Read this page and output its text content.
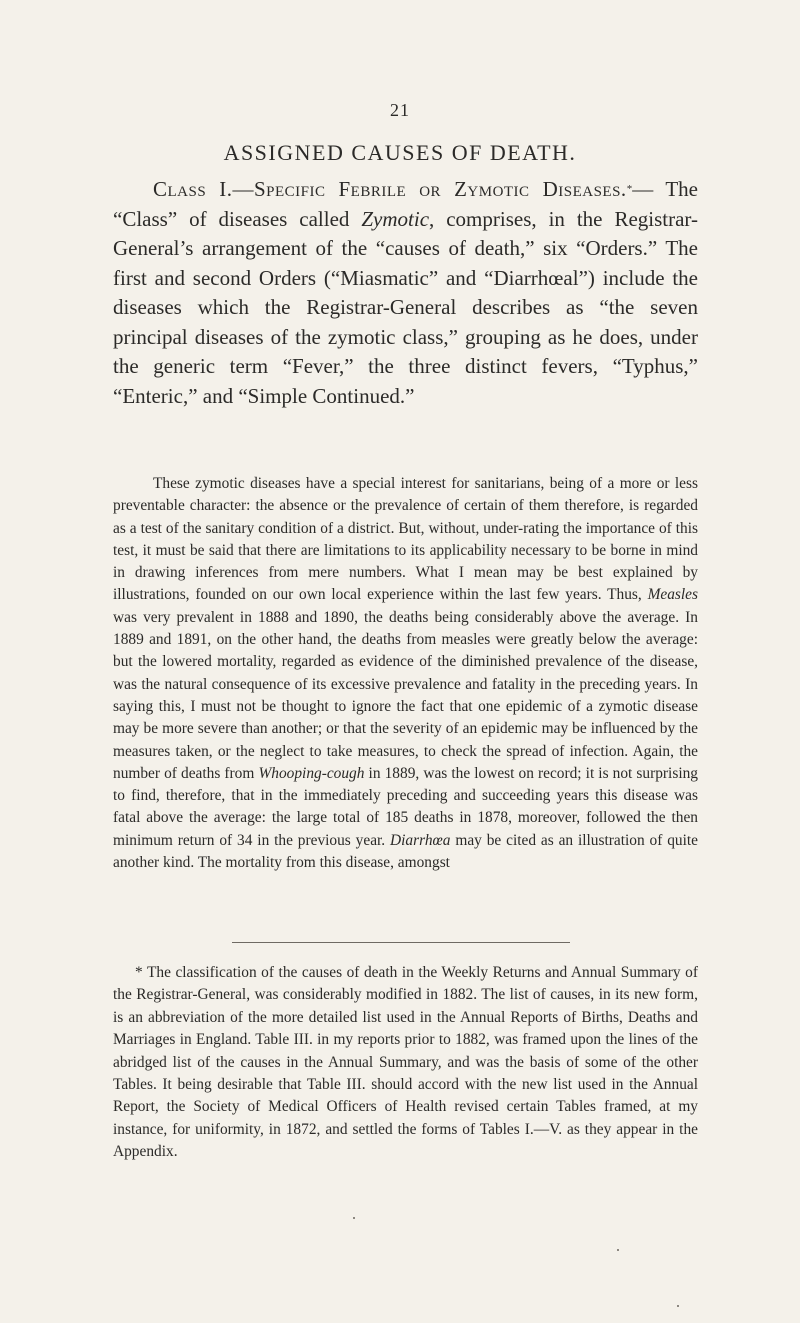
21
ASSIGNED CAUSES OF DEATH.

Class I.—Specific Febrile or Zymotic Diseases.*— The “Class” of diseases called Zymotic, comprises, in the Registrar-General’s arrangement of the “causes of death,” six “Orders.” The first and second Orders (“Miasmatic” and “Diarrhœal”) include the diseases which the Registrar-General describes as “the seven principal diseases of the zymotic class,” grouping as he does, under the generic term “Fever,” the three distinct fevers, “Typhus,” “Enteric,” and “Simple Continued.”

These zymotic diseases have a special interest for sanitarians, being of a more or less preventable character: the absence or the prevalence of certain of them therefore, is regarded as a test of the sanitary condition of a district. But, without, under-rating the importance of this test, it must be said that there are limitations to its applicability necessary to be borne in mind in drawing inferences from mere numbers. What I mean may be best explained by illustrations, founded on our own local experience within the last few years. Thus, Measles was very prevalent in 1888 and 1890, the deaths being considerably above the average. In 1889 and 1891, on the other hand, the deaths from measles were greatly below the average: but the lowered mortality, regarded as evidence of the diminished prevalence of the disease, was the natural consequence of its excessive prevalence and fatality in the preceding years. In saying this, I must not be thought to ignore the fact that one epidemic of a zymotic disease may be more severe than another; or that the severity of an epidemic may be influenced by the measures taken, or the neglect to take measures, to check the spread of infection. Again, the number of deaths from Whooping-cough in 1889, was the lowest on record; it is not surprising to find, therefore, that in the immediately preceding and succeeding years this disease was fatal above the average: the large total of 185 deaths in 1878, moreover, followed the then minimum return of 34 in the previous year. Diarrhœa may be cited as an illustration of quite another kind. The mortality from this disease, amongst

* The classification of the causes of death in the Weekly Returns and Annual Summary of the Registrar-General, was considerably modified in 1882. The list of causes, in its new form, is an abbreviation of the more detailed list used in the Annual Reports of Births, Deaths and Marriages in England. Table III. in my reports prior to 1882, was framed upon the lines of the abridged list of the causes in the Annual Summary, and was the basis of some of the other Tables. It being desirable that Table III. should accord with the new list used in the Annual Report, the Society of Medical Officers of Health revised certain Tables framed, at my instance, for uniformity, in 1872, and settled the forms of Tables I.—V. as they appear in the Appendix.
